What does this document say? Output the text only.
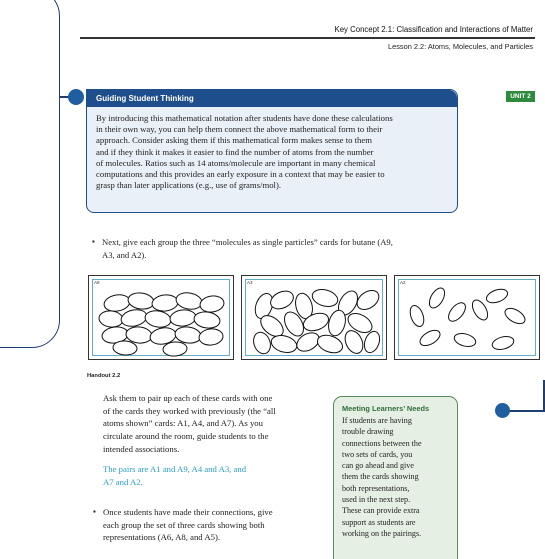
Key Concept 2.1: Classification and Interactions of Matter
Lesson 2.2: Atoms, Molecules, and Particles
UNIT 2
Guiding Student Thinking
By introducing this mathematical notation after students have done these calculations
in their own way, you can help them connect the above mathematical form to their
approach. Consider asking them if this mathematical form makes sense to them
and if they think it makes it easier to find the number of atoms from the number
of molecules. Ratios such as 14 atoms/molecule are important in many chemical
computations and this provides an early exposure in a context that may be easier to
grasp than later applications (e.g., use of grams/mol).
▪ Next, give each group the three “molecules as single particles” cards for butane (A9,
A3, and A2).
A9	A3	A2
Handout 2.2
Ask them to pair up each of these cards with one
of the cards they worked with previously (the “all
atoms shown” cards: A1, A4, and A7). As you
circulate around the room, guide students to the
intended associations.
The pairs are A1 and A9, A4 and A3, and
A7 and A2.
▪ Once students have made their connections, give
each group the set of three cards showing both
representations (A6, A8, and A5).
Meeting Learners’ Needs
If students are having
trouble drawing
connections between the
two sets of cards, you
can go ahead and give
them the cards showing
both representations,
used in the next step.
These can provide extra
support as students are
working on the pairings.
